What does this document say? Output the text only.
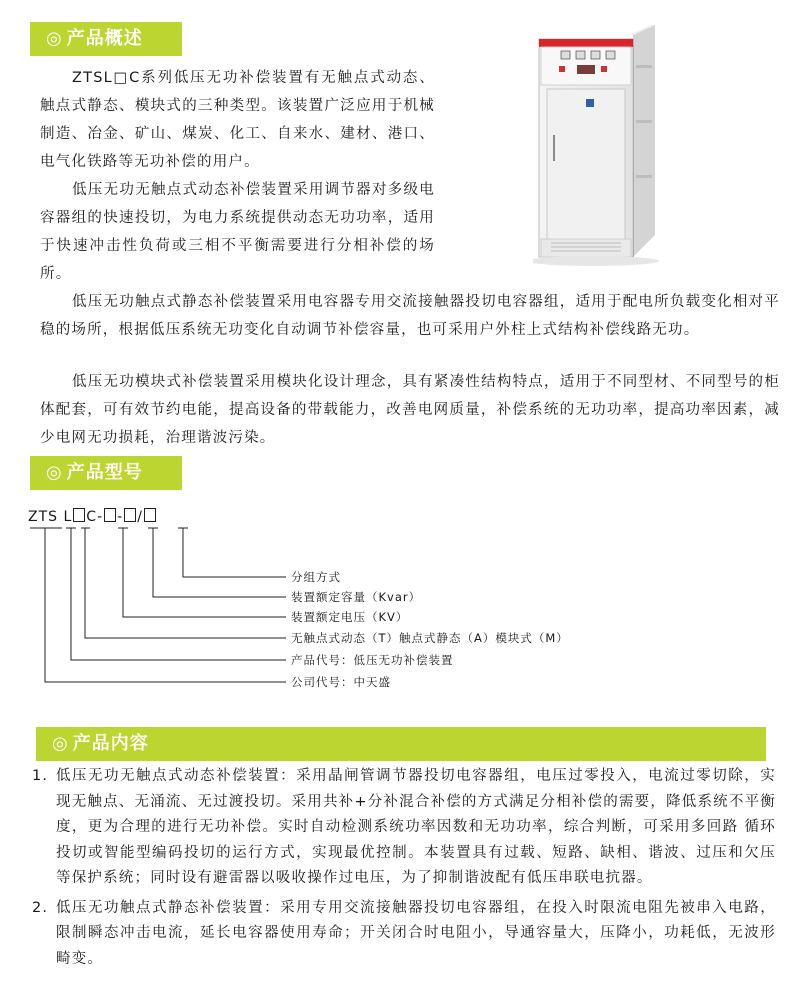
◎ 产品概述

ZTSL□C系列低压无功补偿装置有无触点式动态、触点式静态、模块式的三种类型。该装置广泛应用于机械制造、冶金、矿山、煤炭、化工、自来水、建材、港口、电气化铁路等无功补偿的用户。

低压无功无触点式动态补偿装置采用调节器对多级电容器组的快速投切，为电力系统提供动态无功功率，适用于快速冲击性负荷或三相不平衡需要进行分相补偿的场所。

低压无功触点式静态补偿装置采用电容器专用交流接触器投切电容器组，适用于配电所负载变化相对平稳的场所，根据低压系统无功变化自动调节补偿容量，也可采用户外柱上式结构补偿线路无功。

低压无功模块式补偿装置采用模块化设计理念，具有紧凑性结构特点，适用于不同型材、不同型号的柜体配套，可有效节约电能，提高设备的带载能力，改善电网质量，补偿系统的无功功率，提高功率因素，减少电网无功损耗，治理谐波污染。

◎ 产品型号
ZTS L C- - /
分组方式
装置额定容量（Kvar）
装置额定电压（KV）
无触点式动态（T）触点式静态（A）模块式（M）
产品代号：低压无功补偿装置
公司代号：中天盛
◎ 产品内容
1. 低压无功无触点式动态补偿装置：采用晶闸管调节器投切电容器组，电压过零投入，电流过零切除，实现无触点、无涌流、无过渡投切。采用共补+分补混合补偿的方式满足分相补偿的需要，降低系统不平衡度，更为合理的进行无功补偿。实时自动检测系统功率因数和无功功率，综合判断，可采用多回路 循环投切或智能型编码投切的运行方式，实现最优控制。本装置具有过载、短路、缺相、谐波、过压和欠压等保护系统；同时设有避雷器以吸收操作过电压，为了抑制谐波配有低压串联电抗器。
2. 低压无功触点式静态补偿装置：采用专用交流接触器投切电容器组，在投入时限流电阻先被串入电路，限制瞬态冲击电流，延长电容器使用寿命；开关闭合时电阻小，导通容量大，压降小，功耗低，无波形畸变。
